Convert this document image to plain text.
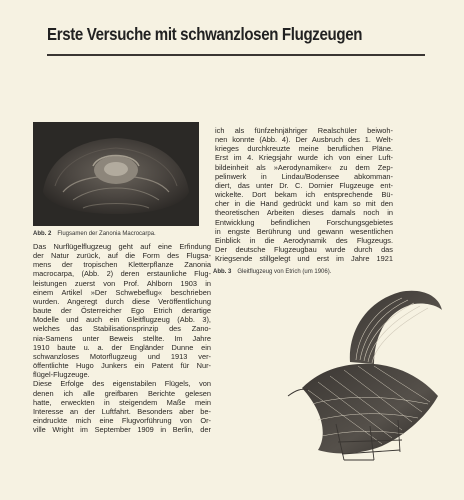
Erste Versuche mit schwanzlosen Flugzeugen
Abb. 2 Flugsamen der Zanonia Macrocarpa.
Das Nurflügelflugzeug geht auf eine Erfindung
der Natur zurück, auf die Form des Flugsa-
mens der tropischen Kletterpflanze Zanonia
macrocarpa, (Abb. 2) deren erstaunliche Flug-
leistungen zuerst von Prof. Ahlborn 1903 in
einem Artikel »Der Schwebeflug« beschrieben
wurden. Angeregt durch diese Veröffentlichung
baute der Österreicher Ego Etrich derartige
Modelle und auch ein Gleitflugzeug (Abb. 3),
welches das Stabilisationsprinzip des Zano-
nia-Samens unter Beweis stellte. Im Jahre
1910 baute u. a. der Engländer Dunne ein
schwanzloses Motorflugzeug und 1913 ver-
öffentlichte Hugo Junkers ein Patent für Nur-
flügel-Flugzeuge.
Diese Erfolge des eigenstabilen Flügels, von
denen ich alle greifbaren Berichte gelesen
hatte, erweckten in steigendem Maße mein
Interesse an der Luftfahrt. Besonders aber be-
eindruckte mich eine Flugvorführung von Or-
ville Wright im September 1909 in Berlin, der
ich als fünfzehnjähriger Realschüler beiwoh-
nen konnte (Abb. 4). Der Ausbruch des 1. Welt-
krieges durchkreuzte meine beruflichen Pläne.
Erst im 4. Kriegsjahr wurde ich von einer Luft-
bildeinheit als »Aerodynamiker« zu dem Zep-
pelinwerk in Lindau/Bodensee abkomman-
diert, das unter Dr. C. Dornier Flugzeuge ent-
wickelte. Dort bekam ich entsprechende Bü-
cher in die Hand gedrückt und kam so mit den
theoretischen Arbeiten dieses damals noch in
Entwicklung befindlichen Forschungsgebietes
in engste Berührung und gewann wesentlichen
Einblick in die Aerodynamik des Flugzeugs.
Der deutsche Flugzeugbau wurde durch das
Kriegsende stillgelegt und erst im Jahre 1921
Abb. 3 Gleitflugzeug von Etrich (um 1906).
